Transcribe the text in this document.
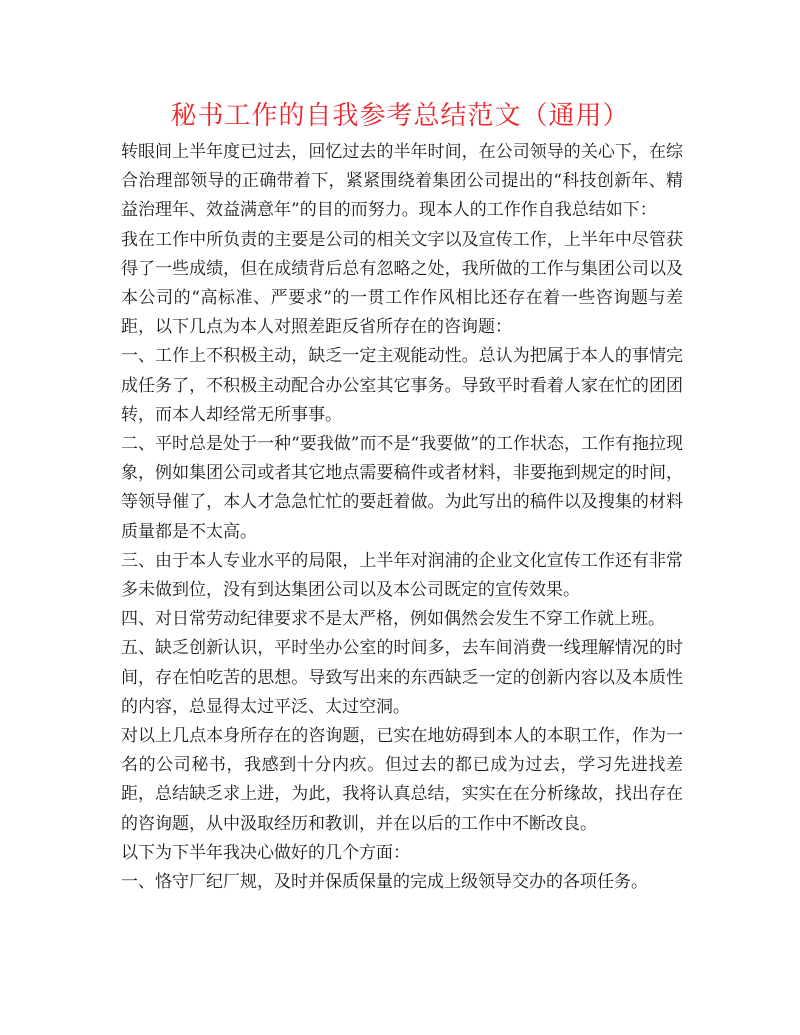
秘书工作的自我参考总结范文（通用）

转眼间上半年度已过去，回忆过去的半年时间，在公司领导的关心下，在综合治理部领导的正确带着下，紧紧围绕着集团公司提出的“科技创新年、精益治理年、效益满意年”的目的而努力。现本人的工作作自我总结如下：

我在工作中所负责的主要是公司的相关文字以及宣传工作，上半年中尽管获得了一些成绩，但在成绩背后总有忽略之处，我所做的工作与集团公司以及本公司的“高标准、严要求”的一贯工作作风相比还存在着一些咨询题与差距，以下几点为本人对照差距反省所存在的咨询题：

一、工作上不积极主动，缺乏一定主观能动性。总认为把属于本人的事情完成任务了，不积极主动配合办公室其它事务。导致平时看着人家在忙的团团转，而本人却经常无所事事。

二、平时总是处于一种“要我做”而不是“我要做”的工作状态，工作有拖拉现象，例如集团公司或者其它地点需要稿件或者材料，非要拖到规定的时间，等领导催了，本人才急急忙忙的要赶着做。为此写出的稿件以及搜集的材料质量都是不太高。

三、由于本人专业水平的局限，上半年对润浦的企业文化宣传工作还有非常多未做到位，没有到达集团公司以及本公司既定的宣传效果。

四、对日常劳动纪律要求不是太严格，例如偶然会发生不穿工作就上班。

五、缺乏创新认识，平时坐办公室的时间多，去车间消费一线理解情况的时间，存在怕吃苦的思想。导致写出来的东西缺乏一定的创新内容以及本质性的内容，总显得太过平泛、太过空洞。

对以上几点本身所存在的咨询题，已实在地妨碍到本人的本职工作，作为一名的公司秘书，我感到十分内疚。但过去的都已成为过去，学习先进找差距，总结缺乏求上进，为此，我将认真总结，实实在在分析缘故，找出存在的咨询题，从中汲取经历和教训，并在以后的工作中不断改良。

以下为下半年我决心做好的几个方面：

一、恪守厂纪厂规，及时并保质保量的完成上级领导交办的各项任务。
